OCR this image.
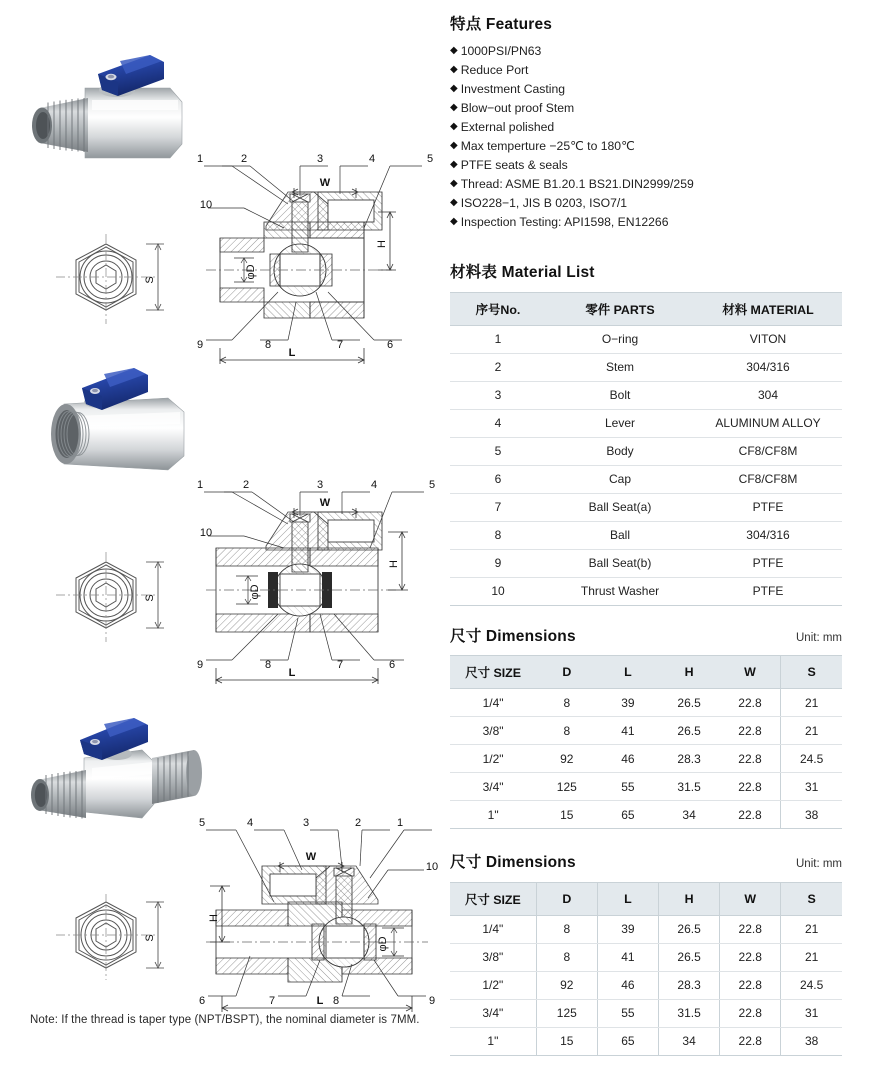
S
1	2	3	4	5
10
9	8	7	6
W
H
L
φD
S
1	2	3	4	5
10
9	8	7	6
W
H
L
φD
S
5	4	3	2	1
10
6	7	8	9
W
H
L
φD
Note: If the thread is taper type (NPT/BSPT), the nominal diameter is 7MM.
特点 Features
◆ 1000PSI/PN63
◆ Reduce Port
◆ Investment Casting
◆ Blow−out proof Stem
◆ External polished
◆ Max temperture −25℃ to 180℃
◆ PTFE seats & seals
◆ Thread: ASME B1.20.1 BS21.DIN2999/259
◆ ISO228−1, JIS B 0203, ISO7/1
◆ Inspection Testing: API1598, EN12266
材料表 Material List
序号No.	零件 PARTS	材料 MATERIAL
1	O−ring	VITON
2	Stem	304/316
3	Bolt	304
4	Lever	ALUMINUM ALLOY
5	Body	CF8/CF8M
6	Cap	CF8/CF8M
7	Ball Seat(a)	PTFE
8	Ball	304/316
9	Ball Seat(b)	PTFE
10	Thrust Washer	PTFE
尺寸 Dimensions	Unit: mm
尺寸 SIZE	D	L	H	W	S
1/4"	8	39	26.5	22.8	21
3/8"	8	41	26.5	22.8	21
1/2"	92	46	28.3	22.8	24.5
3/4"	125	55	31.5	22.8	31
1"	15	65	34	22.8	38
尺寸 Dimensions	Unit: mm
尺寸 SIZE	D	L	H	W	S
1/4"	8	39	26.5	22.8	21
3/8"	8	41	26.5	22.8	21
1/2"	92	46	28.3	22.8	24.5
3/4"	125	55	31.5	22.8	31
1"	15	65	34	22.8	38
